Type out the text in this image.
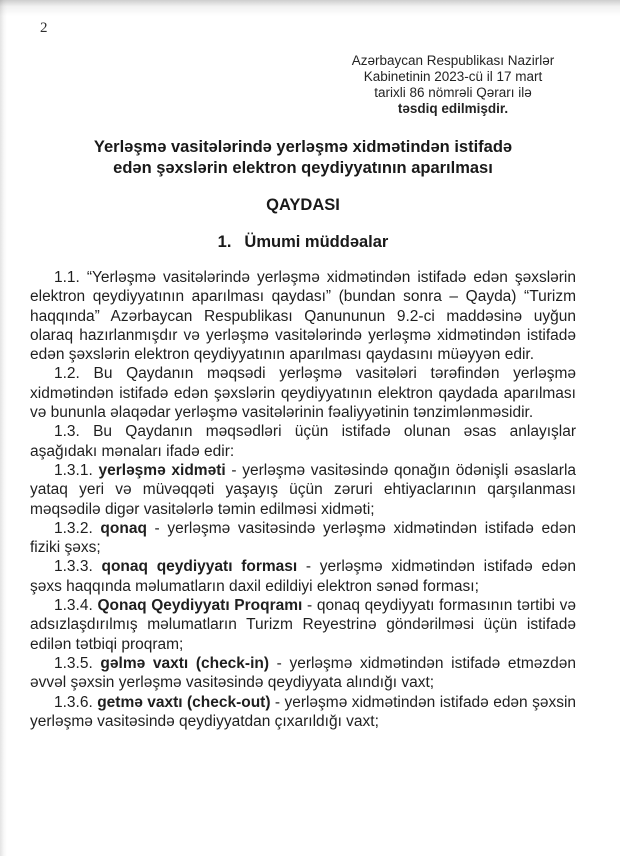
2
Azərbaycan Respublikası Nazirlər
Kabinetinin 2023-cü il 17 mart
tarixli 86 nömrəli Qərarı ilə
təsdiq edilmişdir.
Yerləşmə vasitələrində yerləşmə xidmətindən istifadə
edən şəxslərin elektron qeydiyyatının aparılması
QAYDASI
1. Ümumi müddəalar

1.1. “Yerləşmə vasitələrində yerləşmə xidmətindən istifadə edən şəxslərin elektron qeydiyyatının aparılması qaydası” (bundan sonra – Qayda) “Turizm haqqında” Azərbaycan Respublikası Qanununun 9.2-ci maddəsinə uyğun olaraq hazırlanmışdır və yerləşmə vasitələrində yerləşmə xidmətindən istifadə edən şəxslərin elektron qeydiyyatının aparılması qaydasını müəyyən edir.

1.2. Bu Qaydanın məqsədi yerləşmə vasitələri tərəfindən yerləşmə xidmətindən istifadə edən şəxslərin qeydiyyatının elektron qaydada aparılması və bununla əlaqədar yerləşmə vasitələrinin fəaliyyətinin tənzimlənməsidir.

1.3. Bu Qaydanın məqsədləri üçün istifadə olunan əsas anlayışlar aşağıdakı mənaları ifadə edir:

1.3.1. yerləşmə xidməti - yerləşmə vasitəsində qonağın ödənişli əsaslarla yataq yeri və müvəqqəti yaşayış üçün zəruri ehtiyaclarının qarşılanması məqsədilə digər vasitələrlə təmin edilməsi xidməti;

1.3.2. qonaq - yerləşmə vasitəsində yerləşmə xidmətindən istifadə edən fiziki şəxs;

1.3.3. qonaq qeydiyyatı forması - yerləşmə xidmətindən istifadə edən şəxs haqqında məlumatların daxil edildiyi elektron sənəd forması;

1.3.4. Qonaq Qeydiyyatı Proqramı - qonaq qeydiyyatı formasının tərtibi və adsızlaşdırılmış məlumatların Turizm Reyestrinə göndərilməsi üçün istifadə edilən tətbiqi proqram;

1.3.5. gəlmə vaxtı (check-in) - yerləşmə xidmətindən istifadə etməzdən əvvəl şəxsin yerləşmə vasitəsində qeydiyyata alındığı vaxt;

1.3.6. getmə vaxtı (check-out) - yerləşmə xidmətindən istifadə edən şəxsin yerləşmə vasitəsində qeydiyyatdan çıxarıldığı vaxt;
